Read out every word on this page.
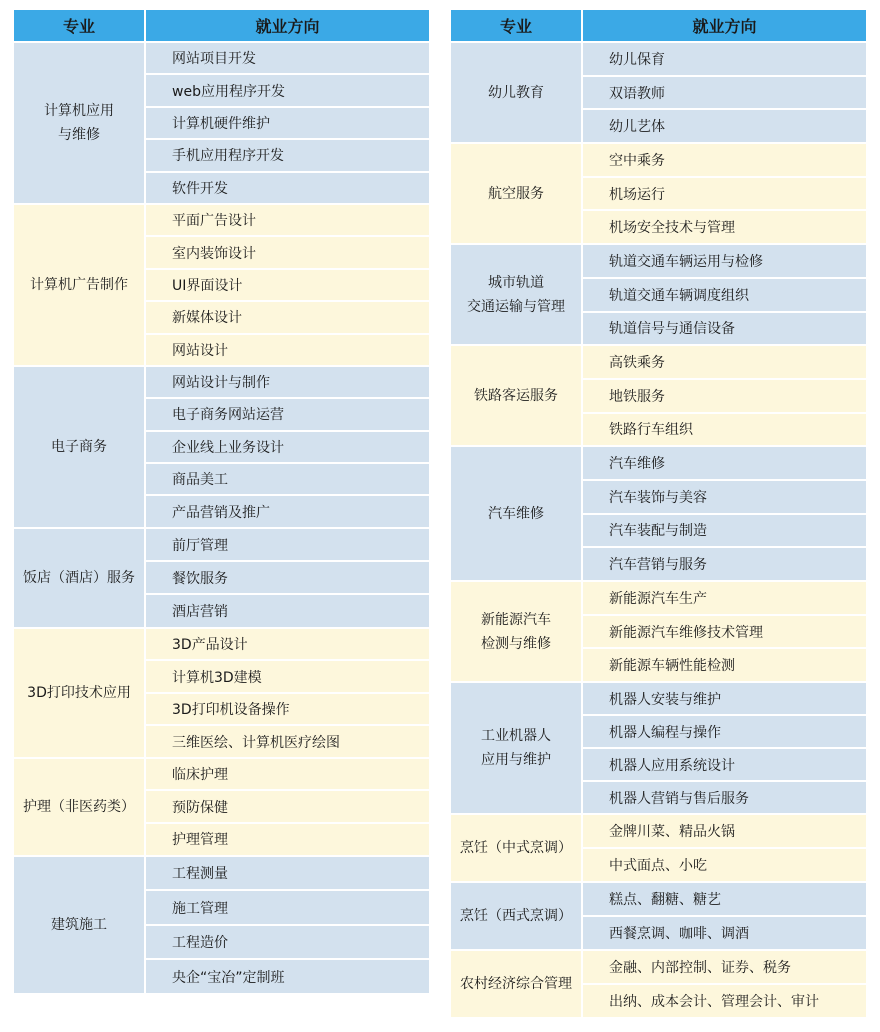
专业	就业方向
计算机应用
与维修
网站项目开发
web应用程序开发
计算机硬件维护
手机应用程序开发
软件开发
计算机广告制作
平面广告设计
室内装饰设计
UI界面设计
新媒体设计
网站设计
电子商务
网站设计与制作
电子商务网站运营
企业线上业务设计
商品美工
产品营销及推广
饭店（酒店）服务
前厅管理
餐饮服务
酒店营销
3D打印技术应用
3D产品设计
计算机3D建模
3D打印机设备操作
三维医绘、计算机医疗绘图
护理（非医药类）
临床护理
预防保健
护理管理
建筑施工
工程测量
施工管理
工程造价
央企“宝冶”定制班
专业	就业方向
幼儿教育
幼儿保育
双语教师
幼儿艺体
航空服务
空中乘务
机场运行
机场安全技术与管理
城市轨道
交通运输与管理
轨道交通车辆运用与检修
轨道交通车辆调度组织
轨道信号与通信设备
铁路客运服务
高铁乘务
地铁服务
铁路行车组织
汽车维修
汽车维修
汽车装饰与美容
汽车装配与制造
汽车营销与服务
新能源汽车
检测与维修
新能源汽车生产
新能源汽车维修技术管理
新能源车辆性能检测
工业机器人
应用与维护
机器人安装与维护
机器人编程与操作
机器人应用系统设计
机器人营销与售后服务
烹饪（中式烹调）
金牌川菜、精品火锅
中式面点、小吃
烹饪（西式烹调）
糕点、翻糖、糖艺
西餐烹调、咖啡、调酒
农村经济综合管理
金融、内部控制、证券、税务
出纳、成本会计、管理会计、审计
